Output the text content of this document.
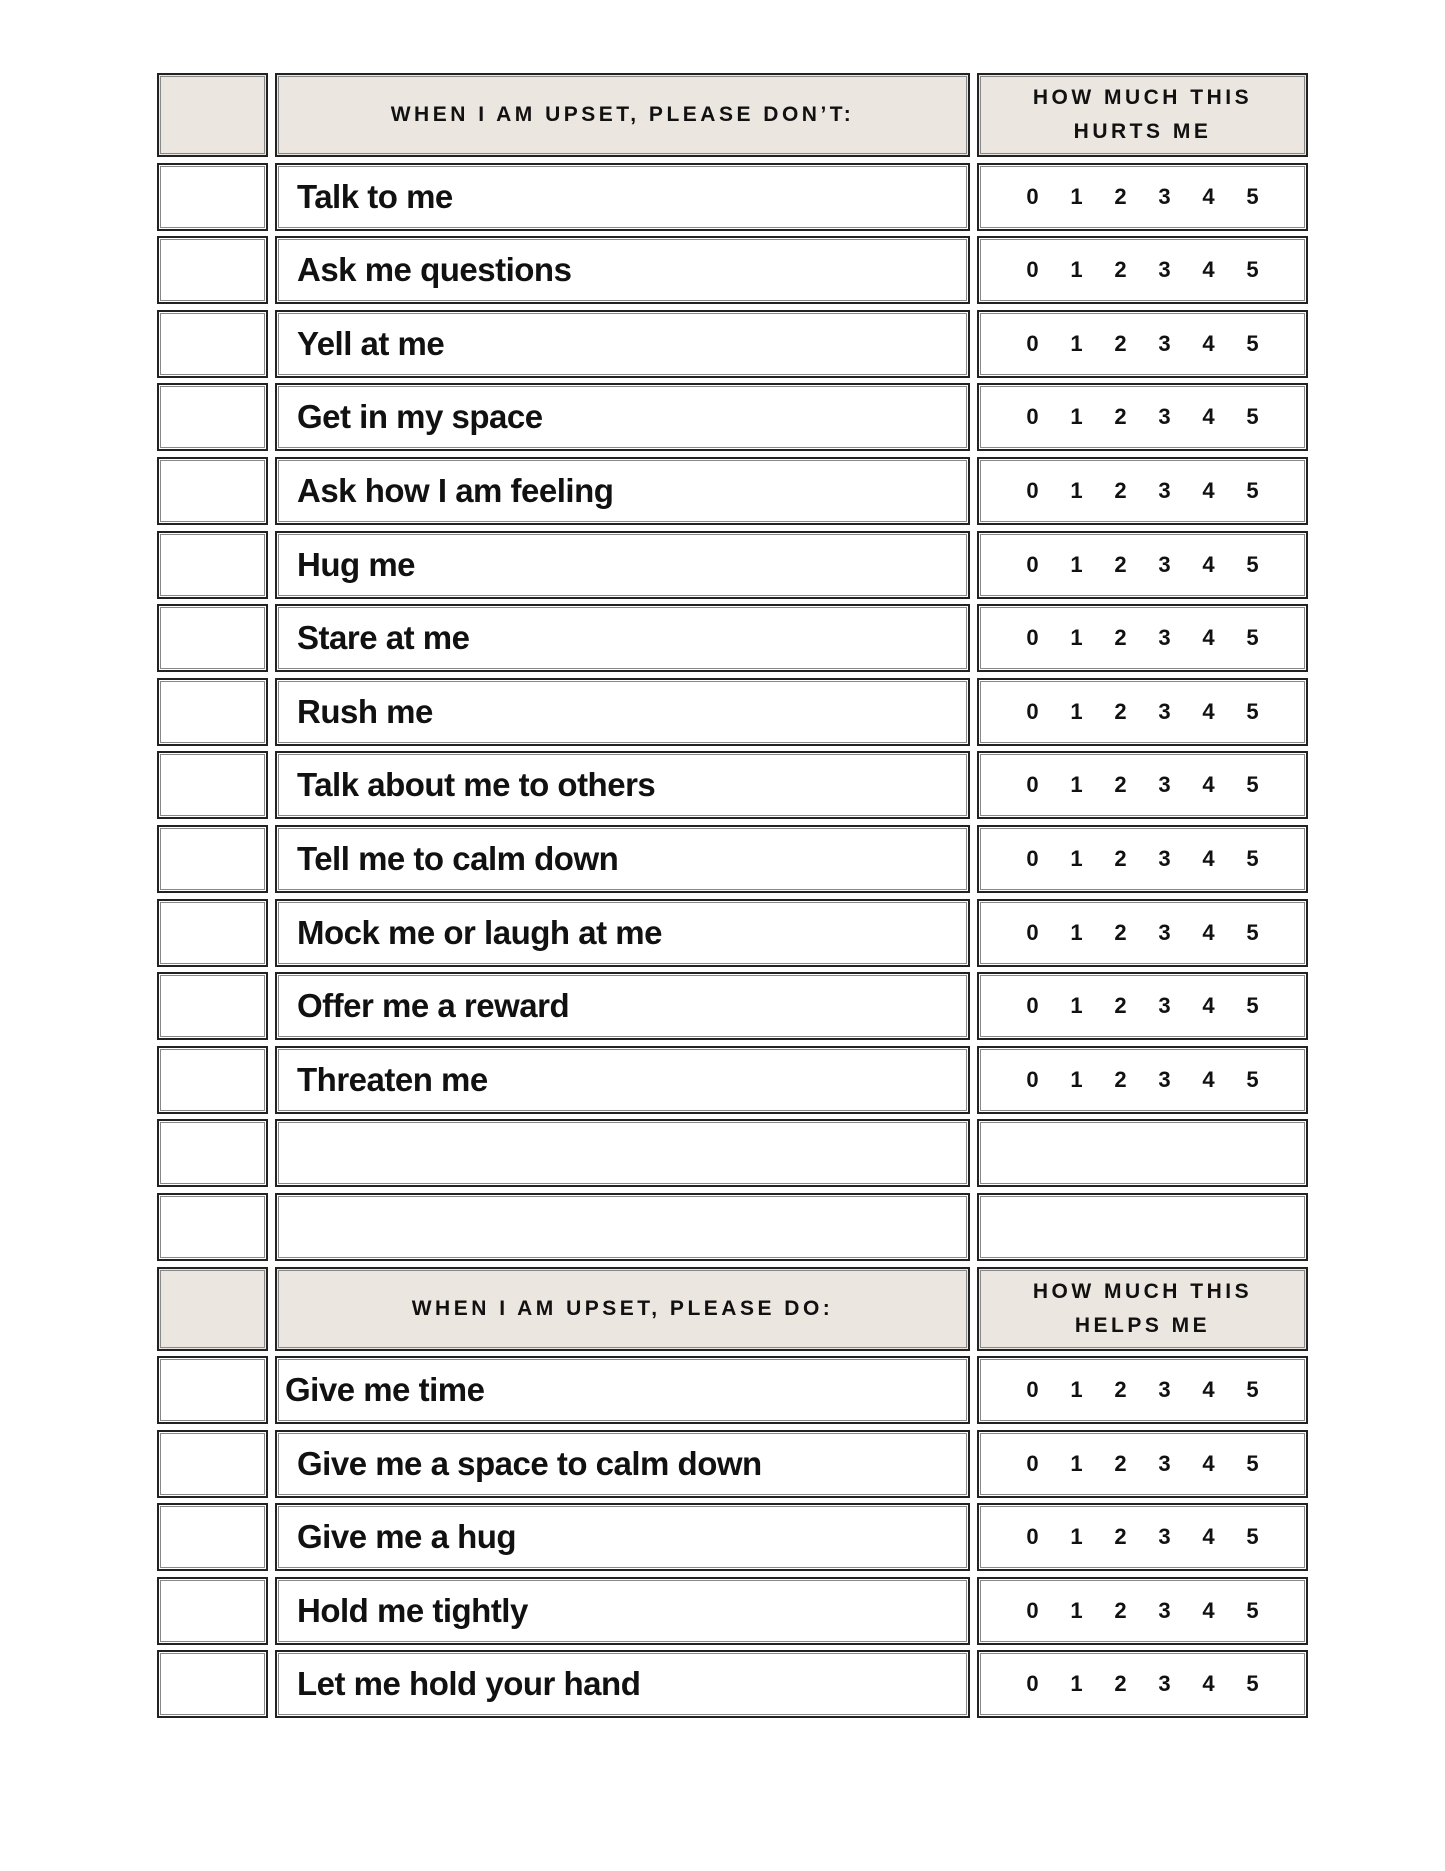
WHEN I AM UPSET, PLEASE DON’T:
HOW MUCH THIS
HURTS ME
Talk to me	0	1	2	3	4	5
Ask me questions	0	1	2	3	4	5
Yell at me	0	1	2	3	4	5
Get in my space	0	1	2	3	4	5
Ask how I am feeling	0	1	2	3	4	5
Hug me	0	1	2	3	4	5
Stare at me	0	1	2	3	4	5
Rush me	0	1	2	3	4	5
Talk about me to others	0	1	2	3	4	5
Tell me to calm down	0	1	2	3	4	5
Mock me or laugh at me	0	1	2	3	4	5
Offer me a reward	0	1	2	3	4	5
Threaten me	0	1	2	3	4	5
WHEN I AM UPSET, PLEASE DO:
HOW MUCH THIS
HELPS ME
Give me time	0	1	2	3	4	5
Give me a space to calm down	0	1	2	3	4	5
Give me a hug	0	1	2	3	4	5
Hold me tightly	0	1	2	3	4	5
Let me hold your hand	0	1	2	3	4	5
